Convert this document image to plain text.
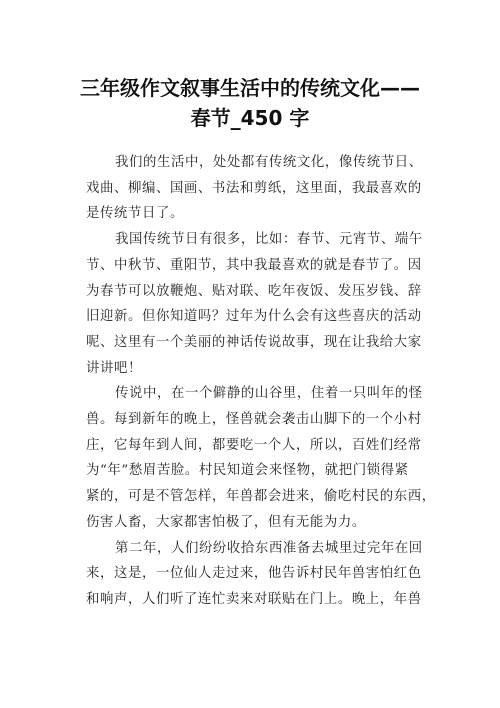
三年级作文叙事生活中的传统文化——
春节_450 字

我们的生活中，处处都有传统文化，像传统节日、
戏曲、柳编、国画、书法和剪纸，这里面，我最喜欢的
是传统节日了。

我国传统节日有很多，比如：春节、元宵节、端午
节、中秋节、重阳节，其中我最喜欢的就是春节了。因
为春节可以放鞭炮、贴对联、吃年夜饭、发压岁钱、辞
旧迎新。但你知道吗？过年为什么会有这些喜庆的活动
呢、这里有一个美丽的神话传说故事，现在让我给大家
讲讲吧！

传说中，在一个僻静的山谷里，住着一只叫年的怪
兽。每到新年的晚上，怪兽就会袭击山脚下的一个小村
庄，它每年到人间，都要吃一个人，所以，百姓们经常
为“年”愁眉苦脸。村民知道会来怪物，就把门锁得紧
紧的，可是不管怎样，年兽都会进来，偷吃村民的东西，
伤害人畜，大家都害怕极了，但有无能为力。

第二年，人们纷纷收拾东西准备去城里过完年在回
来，这是，一位仙人走过来，他告诉村民年兽害怕红色
和响声，人们听了连忙卖来对联贴在门上。晚上，年兽
